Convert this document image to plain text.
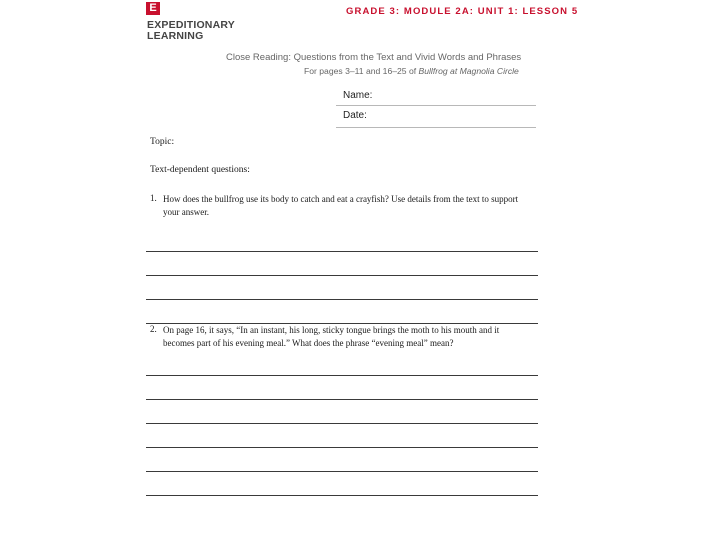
E
EXPEDITIONARY
LEARNING
GRADE 3: MODULE 2A: UNIT 1: LESSON 5
Close Reading: Questions from the Text and Vivid Words and Phrases
For pages 3–11 and 16–25 of Bullfrog at Magnolia Circle
Name:
Date:
Topic:
Text-dependent questions:
1. How does the bullfrog use its body to catch and eat a crayfish? Use details from the text to support
your answer.
2. On page 16, it says, “In an instant, his long, sticky tongue brings the moth to his mouth and it
becomes part of his evening meal.” What does the phrase “evening meal” mean?
